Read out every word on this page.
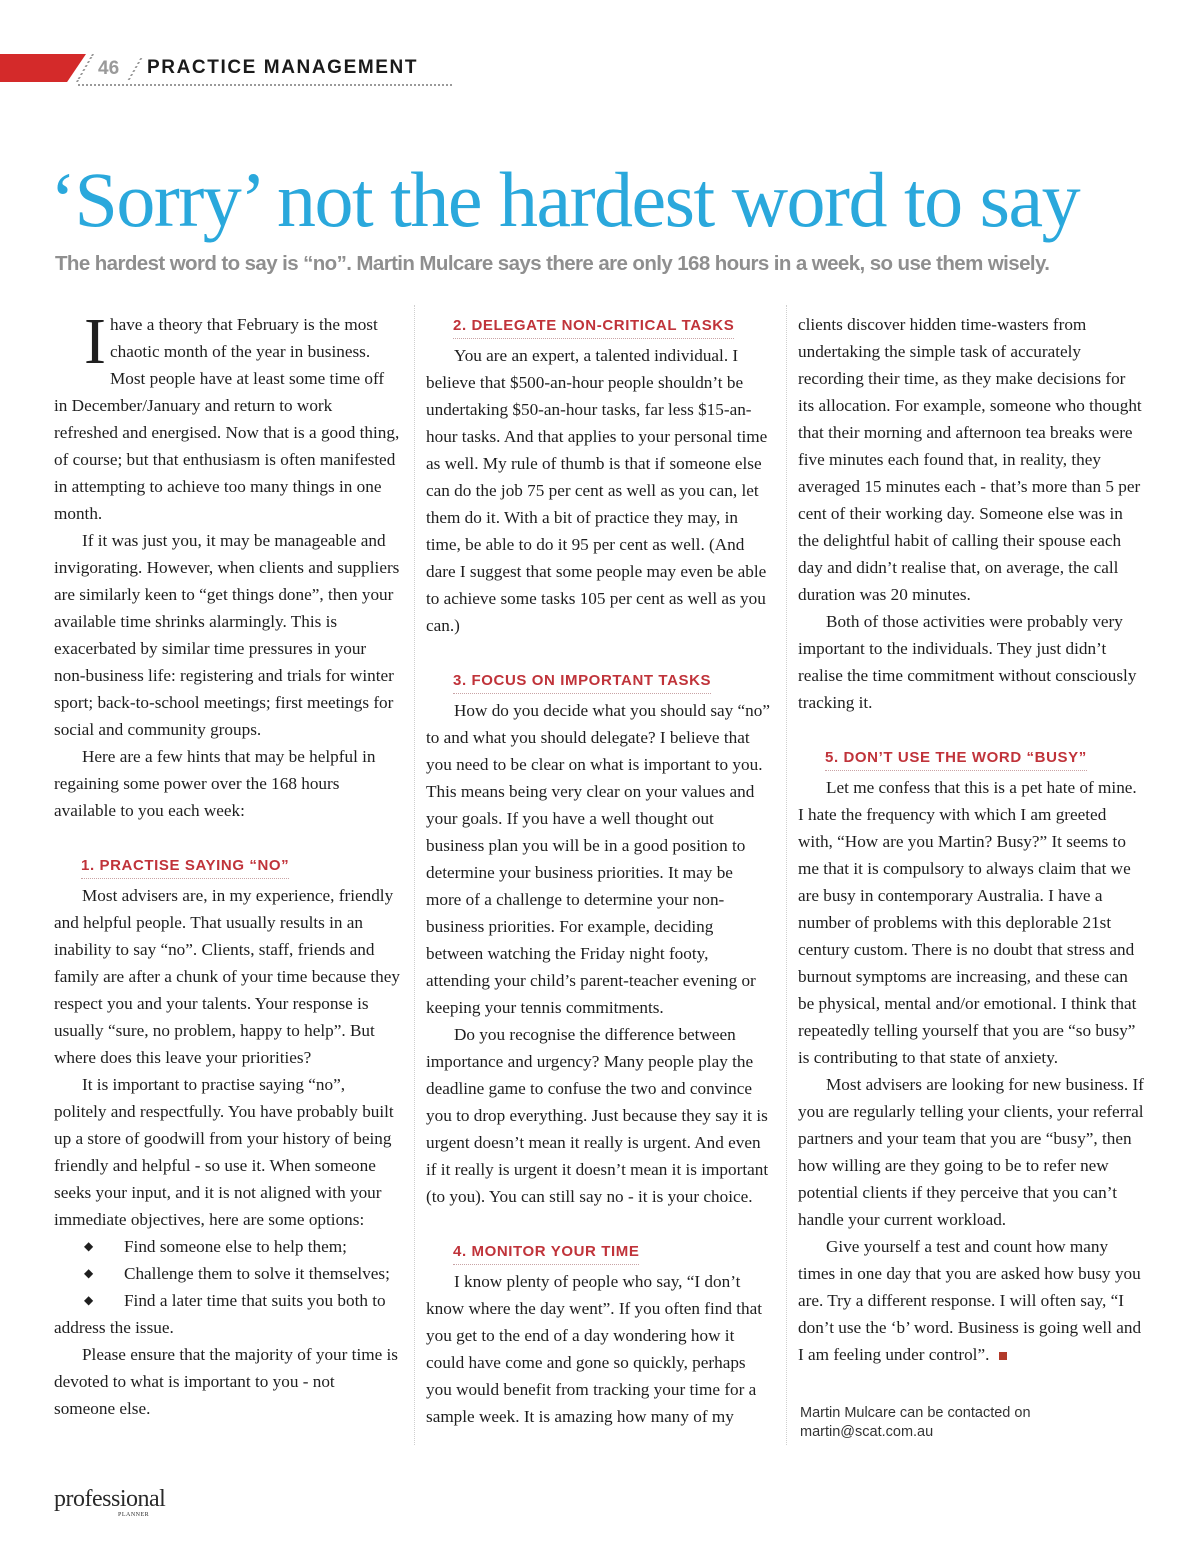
46 PRACTICE MANAGEMENT
‘Sorry’ not the hardest word to say
The hardest word to say is “no”. Martin Mulcare says there are only 168 hours in a week, so use them wisely.

Ihave a theory that February is the most chaotic month of the year in business. Most people have at least some time off in December/January and return to work refreshed and energised. Now that is a good thing, of course; but that enthusiasm is often manifested in attempting to achieve too many things in one month.

If it was just you, it may be manageable and invigorating. However, when clients and suppliers are similarly keen to “get things done”, then your available time shrinks alarmingly. This is exacerbated by similar time pressures in your non-business life: registering and trials for winter sport; back-to-school meetings; first meetings for social and community groups.

Here are a few hints that may be helpful in regaining some power over the 168 hours available to you each week:

1. PRACTISE SAYING “NO”

Most advisers are, in my experience, friendly and helpful people. That usually results in an inability to say “no”. Clients, staff, friends and family are after a chunk of your time because they respect you and your talents. Your response is usually “sure, no problem, happy to help”. But where does this leave your priorities?

It is important to practise saying “no”, politely and respectfully. You have probably built up a store of goodwill from your history of being friendly and helpful - so use it. When someone seeks your input, and it is not aligned with your immediate objectives, here are some options:

◆ Find someone else to help them;
◆ Challenge them to solve it themselves;
◆ Find a later time that suits you both to

address the issue.

Please ensure that the majority of your time is devoted to what is important to you - not someone else.

2. DELEGATE NON-CRITICAL TASKS

You are an expert, a talented individual. I believe that $500-an-hour people shouldn’t be undertaking $50-an-hour tasks, far less $15-an-hour tasks. And that applies to your personal time as well. My rule of thumb is that if someone else can do the job 75 per cent as well as you can, let them do it. With a bit of practice they may, in time, be able to do it 95 per cent as well. (And dare I suggest that some people may even be able to achieve some tasks 105 per cent as well as you can.)

3. FOCUS ON IMPORTANT TASKS

How do you decide what you should say “no” to and what you should delegate? I believe that you need to be clear on what is important to you. This means being very clear on your values and your goals. If you have a well thought out business plan you will be in a good position to determine your business priorities. It may be more of a challenge to determine your non-business priorities. For example, deciding between watching the Friday night footy, attending your child’s parent-teacher evening or keeping your tennis commitments.

Do you recognise the difference between importance and urgency? Many people play the deadline game to confuse the two and convince you to drop everything. Just because they say it is urgent doesn’t mean it really is urgent. And even if it really is urgent it doesn’t mean it is important (to you). You can still say no - it is your choice.

4. MONITOR YOUR TIME

I know plenty of people who say, “I don’t know where the day went”. If you often find that you get to the end of a day wondering how it could have come and gone so quickly, perhaps you would benefit from tracking your time for a sample week. It is amazing how many of my

clients discover hidden time-wasters from undertaking the simple task of accurately recording their time, as they make decisions for its allocation. For example, someone who thought that their morning and afternoon tea breaks were five minutes each found that, in reality, they averaged 15 minutes each - that’s more than 5 per cent of their working day. Someone else was in the delightful habit of calling their spouse each day and didn’t realise that, on average, the call duration was 20 minutes.

Both of those activities were probably very important to the individuals. They just didn’t realise the time commitment without consciously tracking it.

5. DON’T USE THE WORD “BUSY”

Let me confess that this is a pet hate of mine. I hate the frequency with which I am greeted with, “How are you Martin? Busy?” It seems to me that it is compulsory to always claim that we are busy in contemporary Australia. I have a number of problems with this deplorable 21st century custom. There is no doubt that stress and burnout symptoms are increasing, and these can be physical, mental and/or emotional. I think that repeatedly telling yourself that you are “so busy” is contributing to that state of anxiety.

Most advisers are looking for new business. If you are regularly telling your clients, your referral partners and your team that you are “busy”, then how willing are they going to be to refer new potential clients if they perceive that you can’t handle your current workload.

Give yourself a test and count how many times in one day that you are asked how busy you are. Try a different response. I will often say, “I don’t use the ‘b’ word. Business is going well and I am feeling under control”.

Martin Mulcare can be contacted on
martin@scat.com.au
professional
PLANNER
